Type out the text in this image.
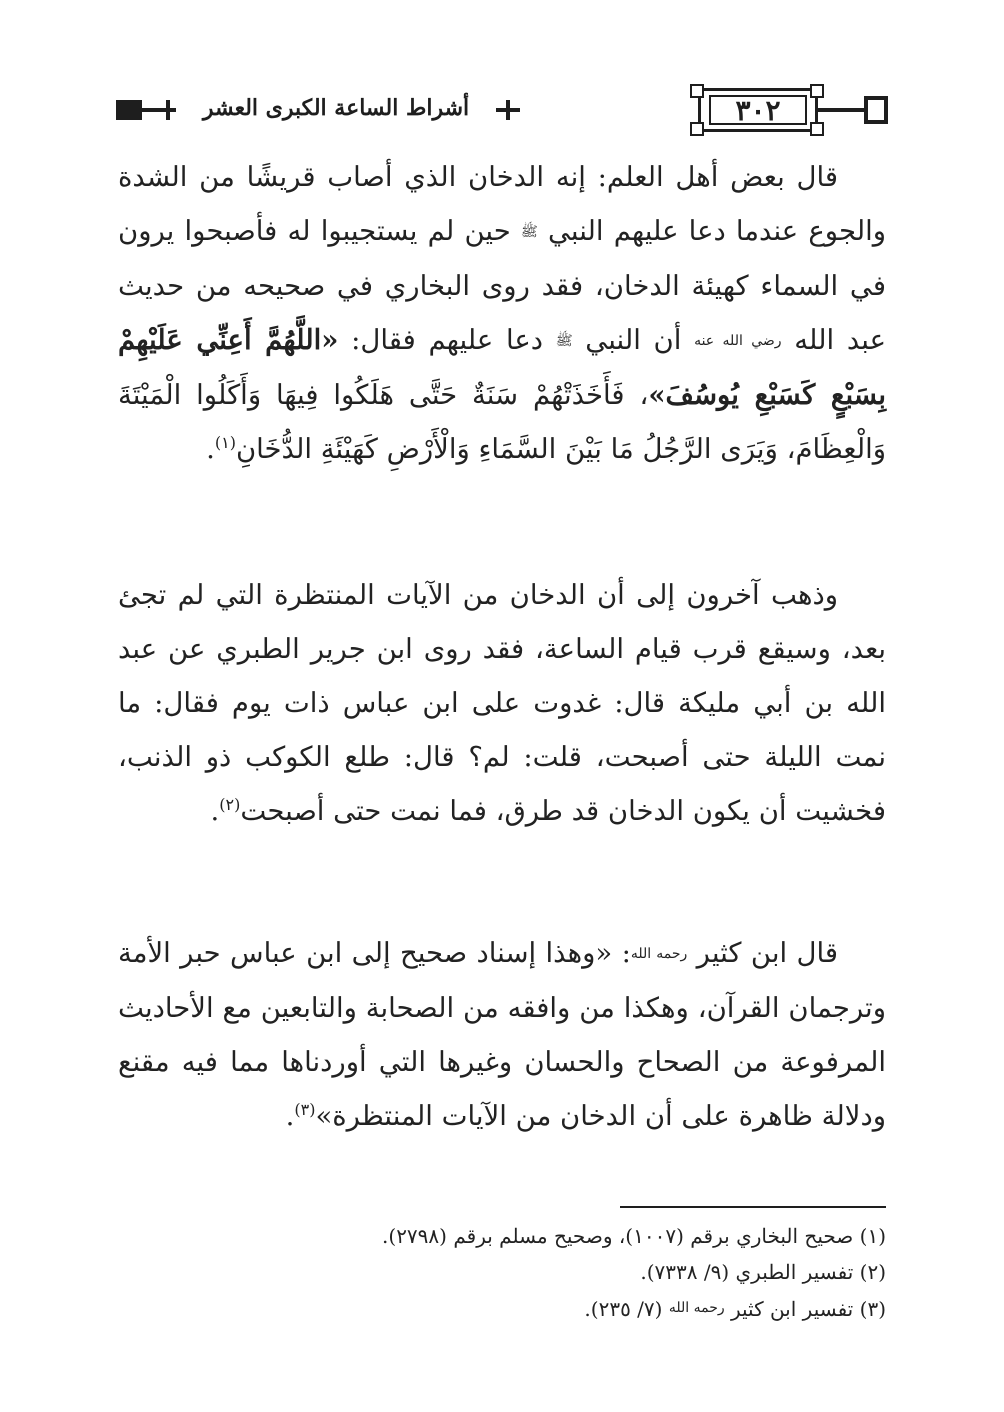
أشراط الساعة الكبرى العشر	٣٠٢
قال بعض أهل العلم: إنه الدخان الذي أصاب قريشًا من الشدة والجوع عندما دعا عليهم النبي ﷺ حين لم يستجيبوا له فأصبحوا يرون في السماء كهيئة الدخان، فقد روى البخاري في صحيحه من حديث عبد الله رضي الله عنه أن النبي ﷺ دعا عليهم فقال: «اللَّهُمَّ أَعِنِّي عَلَيْهِمْ بِسَبْعٍ كَسَبْعِ يُوسُفَ»، فَأَخَذَتْهُمْ سَنَةٌ حَتَّى هَلَكُوا فِيهَا وَأَكَلُوا الْمَيْتَةَ وَالْعِظَامَ، وَيَرَى الرَّجُلُ مَا بَيْنَ السَّمَاءِ وَالْأَرْضِ كَهَيْئَةِ الدُّخَانِ$^{(١)}$.
وذهب آخرون إلى أن الدخان من الآيات المنتظرة التي لم تجئ بعد، وسيقع قرب قيام الساعة، فقد روى ابن جرير الطبري عن عبد الله بن أبي مليكة قال: غدوت على ابن عباس ذات يوم فقال: ما نمت الليلة حتى أصبحت، قلت: لم؟ قال: طلع الكوكب ذو الذنب، فخشيت أن يكون الدخان قد طرق، فما نمت حتى أصبحت$^{(٢)}$.
قال ابن كثير رحمه الله: «وهذا إسناد صحيح إلى ابن عباس حبر الأمة وترجمان القرآن، وهكذا من وافقه من الصحابة والتابعين مع الأحاديث المرفوعة من الصحاح والحسان وغيرها التي أوردناها مما فيه مقنع ودلالة ظاهرة على أن الدخان من الآيات المنتظرة»$^{(٣)}$.
(١) صحيح البخاري برقم (١٠٠٧)، وصحيح مسلم برقم (٢٧٩٨).
(٢) تفسير الطبري (٩/ ٧٣٣٨).
(٣) تفسير ابن كثير $^{رحمه الله}$ (٧/ ٢٣٥).
